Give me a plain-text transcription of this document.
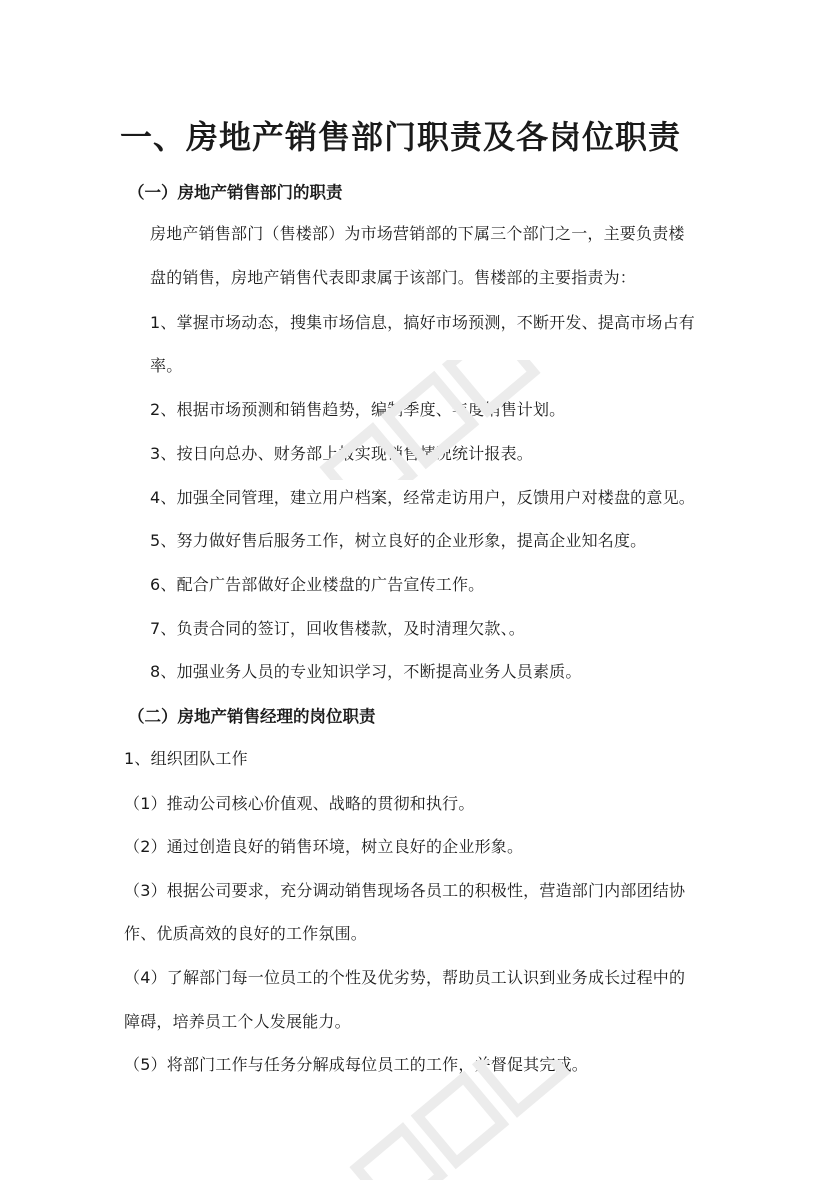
一、房地产销售部门职责及各岗位职责
（一）房地产销售部门的职责
房地产销售部门（售楼部）为市场营销部的下属三个部门之一，主要负责楼
盘的销售，房地产销售代表即隶属于该部门。售楼部的主要指责为：
1、掌握市场动态，搜集市场信息，搞好市场预测，不断开发、提高市场占有
率。
2、根据市场预测和销售趋势，编制季度、年度销售计划。
3、按日向总办、财务部上报实现销售情况统计报表。
4、加强全同管理，建立用户档案，经常走访用户，反馈用户对楼盘的意见。
5、努力做好售后服务工作，树立良好的企业形象，提高企业知名度。
6、配合广告部做好企业楼盘的广告宣传工作。
7、负责合同的签订，回收售楼款，及时清理欠款、。
8、加强业务人员的专业知识学习，不断提高业务人员素质。
（二）房地产销售经理的岗位职责
1、组织团队工作
（1）推动公司核心价值观、战略的贯彻和执行。
（2）通过创造良好的销售环境，树立良好的企业形象。
（3）根据公司要求，充分调动销售现场各员工的积极性，营造部门内部团结协
作、优质高效的良好的工作氛围。
（4）了解部门每一位员工的个性及优劣势，帮助员工认识到业务成长过程中的
障碍，培养员工个人发展能力。
（5）将部门工作与任务分解成每位员工的工作，并督促其完成。
